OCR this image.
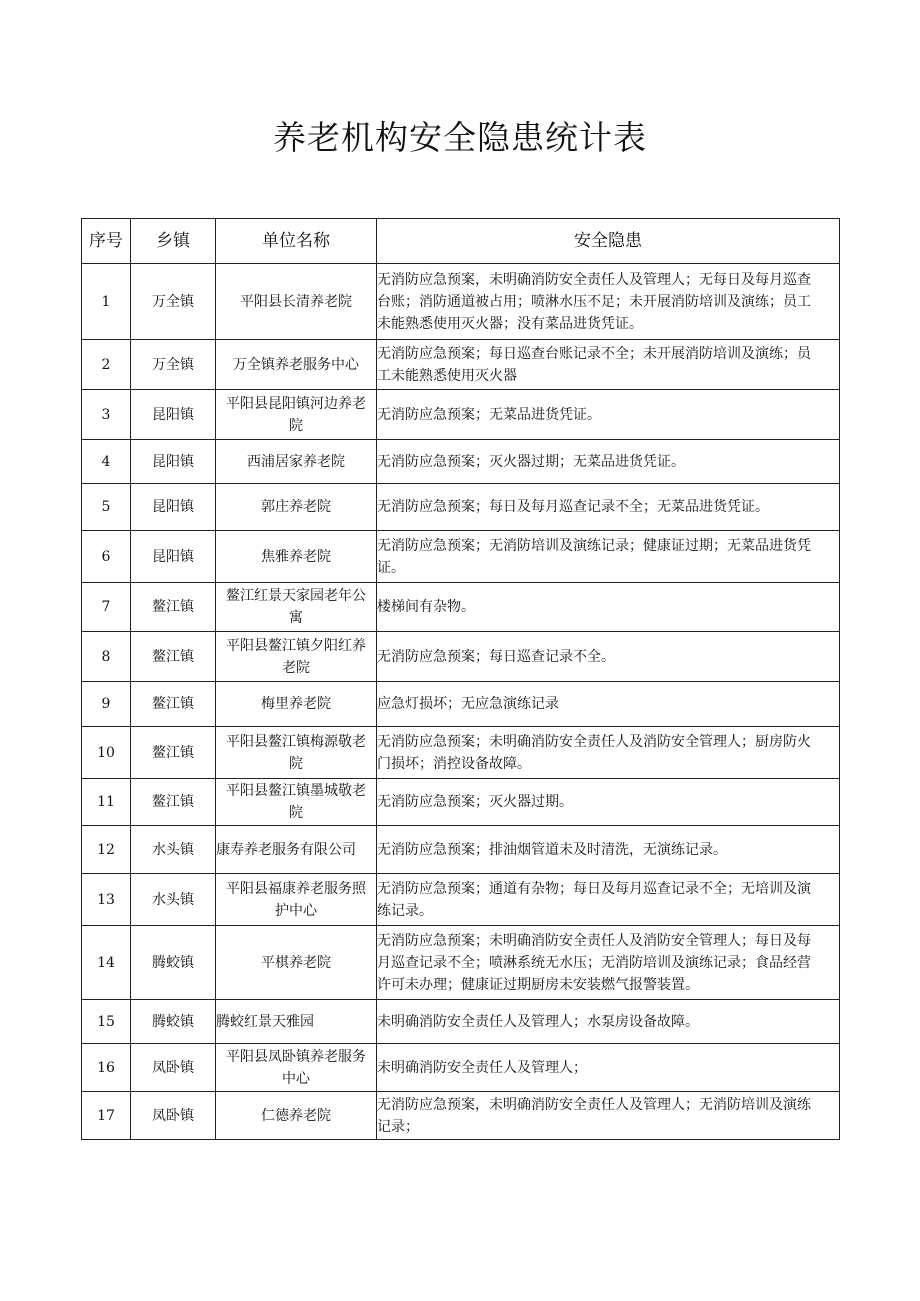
养老机构安全隐患统计表
序号	乡镇	单位名称	安全隐患
1	万全镇	平阳县长清养老院	无消防应急预案，未明确消防安全责任人及管理人；无每日及每月巡查
台账；消防通道被占用；喷淋水压不足；未开展消防培训及演练；员工
未能熟悉使用灭火器；没有菜品进货凭证。

2	万全镇	万全镇养老服务中心	无消防应急预案；每日巡查台账记录不全；未开展消防培训及演练；员
工未能熟悉使用灭火器

3	昆阳镇	平阳县昆阳镇河边养老
院	无消防应急预案；无菜品进货凭证。

4	昆阳镇	西浦居家养老院	无消防应急预案；灭火器过期；无菜品进货凭证。

5	昆阳镇	郭庄养老院	无消防应急预案；每日及每月巡查记录不全；无菜品进货凭证。

6	昆阳镇	焦雅养老院	无消防应急预案；无消防培训及演练记录；健康证过期；无菜品进货凭
证。

7	鳌江镇	鳌江红景天家园老年公
寓	楼梯间有杂物。

8	鳌江镇	平阳县鳌江镇夕阳红养
老院	无消防应急预案；每日巡查记录不全。

9	鳌江镇	梅里养老院	应急灯损坏；无应急演练记录

10	鳌江镇	平阳县鳌江镇梅源敬老
院	无消防应急预案；未明确消防安全责任人及消防安全管理人；厨房防火
门损坏；消控设备故障。

11	鳌江镇	平阳县鳌江镇墨城敬老
院	无消防应急预案；灭火器过期。

12	水头镇	康寿养老服务有限公司	无消防应急预案；排油烟管道未及时清洗，无演练记录。

13	水头镇	平阳县福康养老服务照
护中心	无消防应急预案；通道有杂物；每日及每月巡查记录不全；无培训及演
练记录。

14	腾蛟镇	平棋养老院	无消防应急预案；未明确消防安全责任人及消防安全管理人；每日及每
月巡查记录不全；喷淋系统无水压；无消防培训及演练记录；食品经营
许可未办理；健康证过期厨房未安装燃气报警装置。

15	腾蛟镇	腾蛟红景天雅园	未明确消防安全责任人及管理人；水泵房设备故障。

16	凤卧镇	平阳县凤卧镇养老服务
中心	未明确消防安全责任人及管理人；

17	凤卧镇	仁德养老院	无消防应急预案，未明确消防安全责任人及管理人；无消防培训及演练
记录；
